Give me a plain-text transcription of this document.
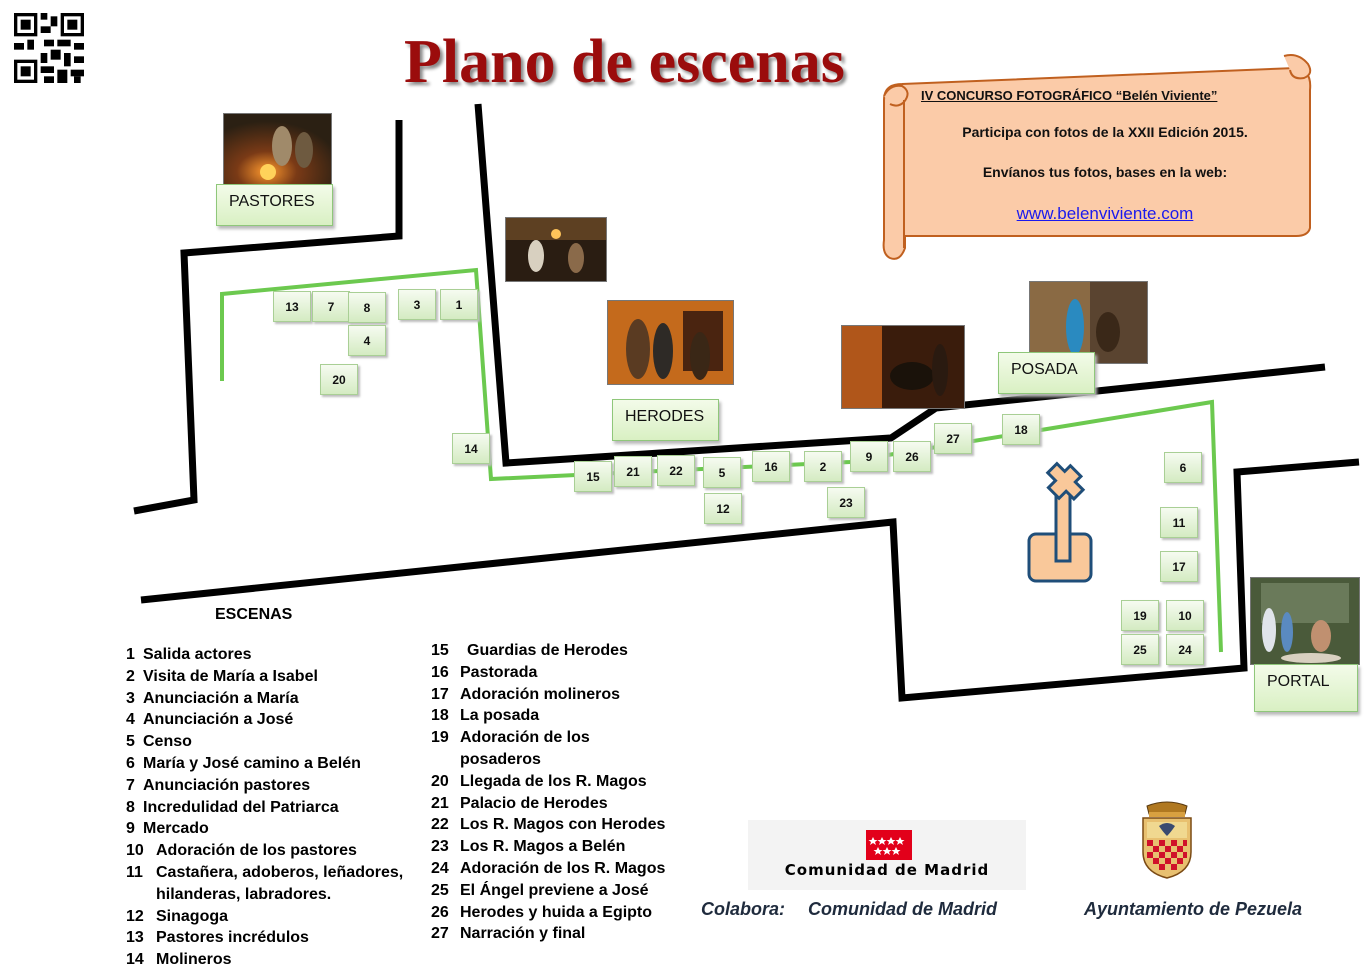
Plano de escenas	IV CONCURSO FOTOGRÁFICO “Belén Viviente”
Participa con fotos de la XXII Edición 2015.
Envíanos tus fotos, bases en la web:
www.belenviviente.com
PASTORES
HERODES
POSADA
PORTAL
13	7	8	3	1
4
20
14
15	21	22	5	16	2
9	26
27
18
12	23
6
11
17
19	10
25	24
ESCENAS
1 Salida actores
2 Visita de María a Isabel
3 Anunciación a María
4 Anunciación a José
5 Censo
6 María y José camino a Belén
7 Anunciación pastores
8 Incredulidad del Patriarca
9 Mercado
10 Adoración de los pastores
11 Castañera, adoberos, leñadores,
hilanderas, labradores.
12 Sinagoga
13 Pastores incrédulos
14 Molineros
15	Guardias de Herodes
16 Pastorada
17 Adoración molineros
18 La posada
19 Adoración de los
posaderos
20 Llegada de los R. Magos
21 Palacio de Herodes
22 Los R. Magos con Herodes
23 Los R. Magos a Belén
24 Adoración de los R. Magos
25 El Ángel previene a José
26 Herodes y huida a Egipto
27 Narración y final
Comunidad de Madrid
Colabora: Comunidad de Madrid	Ayuntamiento de Pezuela
